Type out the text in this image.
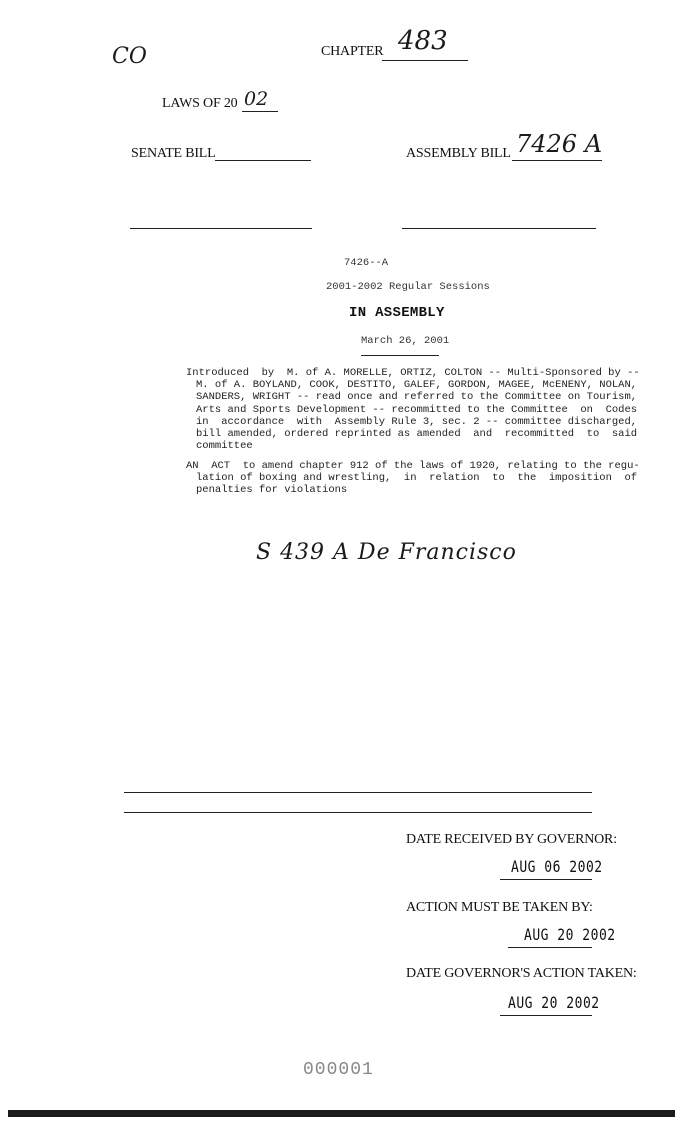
CO	CHAPTER 483
LAWS OF 20 02
SENATE BILL	ASSEMBLY BILL 7426 A
7426--A
2001-2002 Regular Sessions
IN ASSEMBLY
March 26, 2001

Introduced  by  M. of A. MORELLE, ORTIZ, COLTON -- Multi-Sponsored by --

M. of A. BOYLAND, COOK, DESTITO, GALEF, GORDON, MAGEE, McENENY, NOLAN,

SANDERS, WRIGHT -- read once and referred to the Committee on Tourism,

Arts and Sports Development -- recommitted to the Committee  on  Codes

in  accordance  with  Assembly Rule 3, sec. 2 -- committee discharged,

bill amended, ordered reprinted as amended  and  recommitted  to  said

committee

AN  ACT  to amend chapter 912 of the laws of 1920, relating to the regu-

lation of boxing and wrestling,  in  relation  to  the  imposition  of

penalties for violations

S 439 A De Francisco
DATE RECEIVED BY GOVERNOR:
AUG 06 2002
ACTION MUST BE TAKEN BY:
AUG 20 2002
DATE GOVERNOR'S ACTION TAKEN:
AUG 20 2002
000001
